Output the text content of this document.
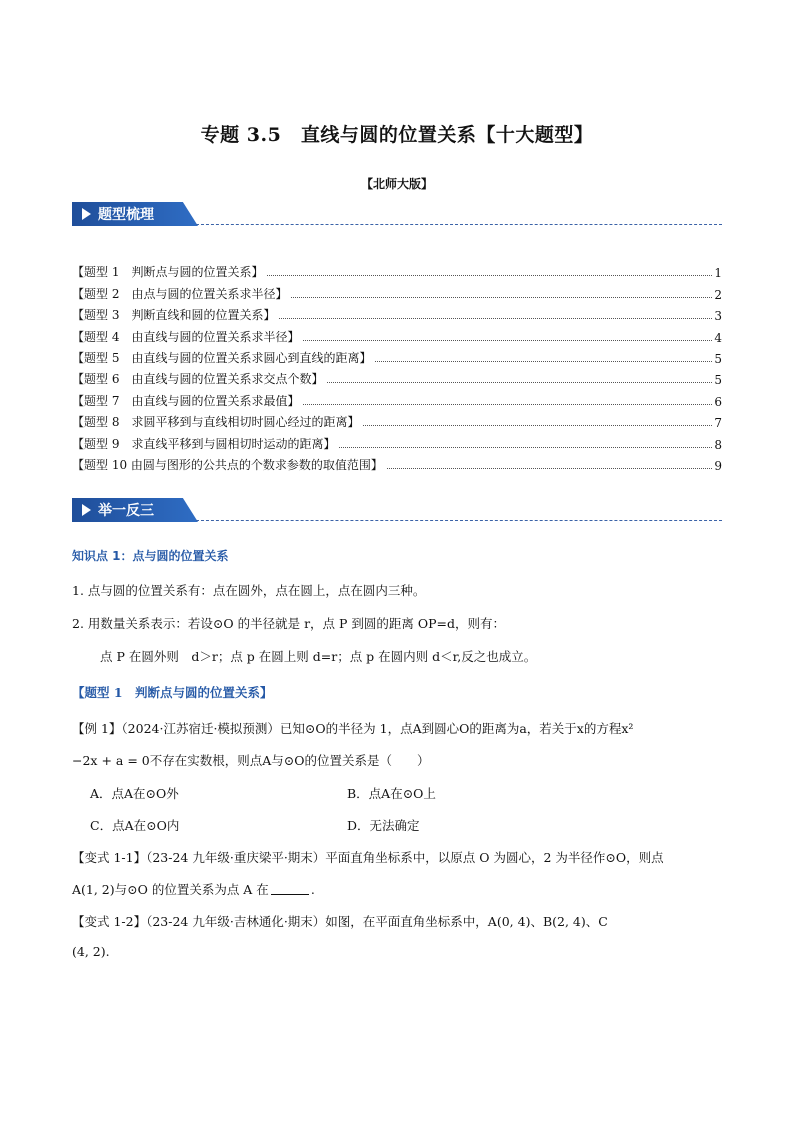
专题 3.5　直线与圆的位置关系【十大题型】
【北师大版】
题型梳理
【题型 1　判断点与圆的位置关系】	1
【题型 2　由点与圆的位置关系求半径】	2
【题型 3　判断直线和圆的位置关系】	3
【题型 4　由直线与圆的位置关系求半径】	4
【题型 5　由直线与圆的位置关系求圆心到直线的距离】	5
【题型 6　由直线与圆的位置关系求交点个数】	5
【题型 7　由直线与圆的位置关系求最值】	6
【题型 8　求圆平移到与直线相切时圆心经过的距离】	7
【题型 9　求直线平移到与圆相切时运动的距离】	8
【题型 10 由圆与图形的公共点的个数求参数的取值范围】	9
举一反三
知识点 1：点与圆的位置关系
1. 点与圆的位置关系有：点在圆外，点在圆上，点在圆内三种。
2. 用数量关系表示：若设⊙O 的半径就是 r，点 P 到圆的距离 OP=d，则有：
点 P 在圆外则　d＞r；点 p 在圆上则 d=r；点 p 在圆内则 d＜r,反之也成立。
【题型 1　判断点与圆的位置关系】
【例 1】（2024·江苏宿迁·模拟预测）已知⊙O的半径为 1，点A到圆心O的距离为a，若关于x的方程x²
−2x + a = 0不存在实数根，则点A与⊙O的位置关系是（　　）
A．点A在⊙O外	B．点A在⊙O上
C．点A在⊙O内	D．无法确定
【变式 1-1】（23-24 九年级·重庆梁平·期末）平面直角坐标系中，以原点 O 为圆心，2 为半径作⊙O，则点
A(1, 2)与⊙O 的位置关系为点 A 在	.
【变式 1-2】（23-24 九年级·吉林通化·期末）如图，在平面直角坐标系中，A(0, 4)、B(2, 4)、C
(4, 2).
